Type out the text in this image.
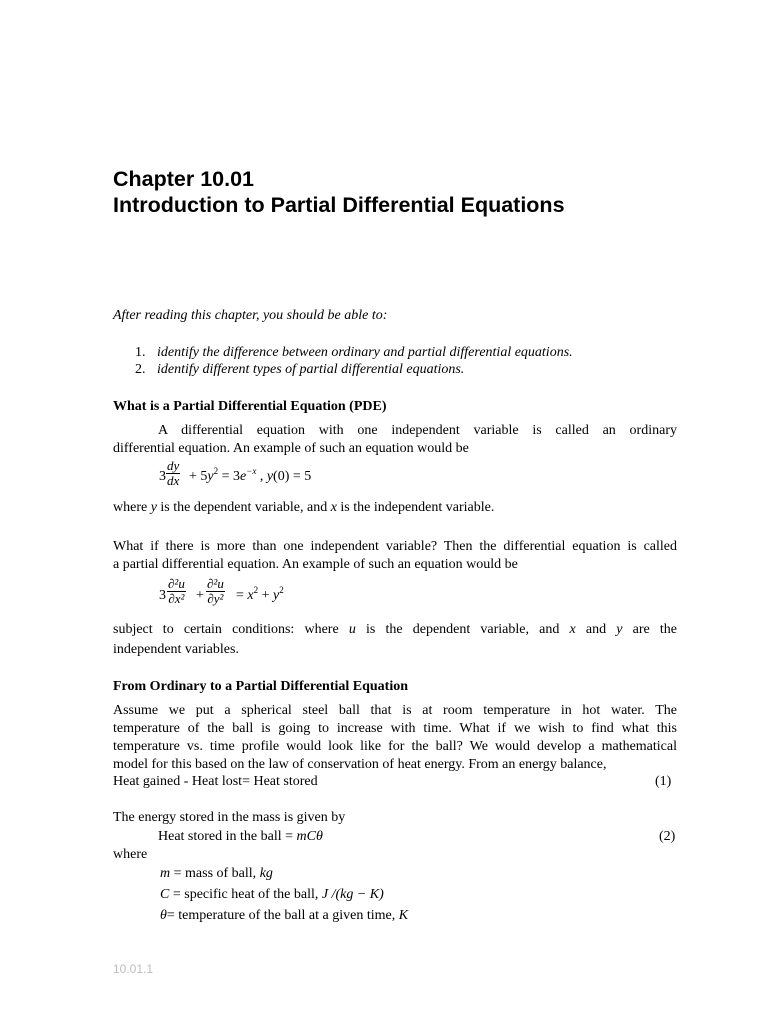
Chapter 10.01
Introduction to Partial Differential Equations
After reading this chapter, you should be able to:
1. identify the difference between ordinary and partial differential equations.
2. identify different types of partial differential equations.
What is a Partial Differential Equation (PDE)
A differential equation with one independent variable is called an ordinary
differential equation. An example of such an equation would be
$3 \frac{dy}{dx} + 5y^2 = 3e^{-x}$ , y(0) = 5
where y is the dependent variable, and x is the independent variable.
What if there is more than one independent variable? Then the differential equation is called
a partial differential equation. An example of such an equation would be
$3 \frac{\text{∂²u}}{\text{∂x²}} + \frac{\text{∂²u}}{\text{∂y²}} = x^2 + y^2$
subject to certain conditions: where u is the dependent variable, and x and y are the
independent variables.
From Ordinary to a Partial Differential Equation
Assume we put a spherical steel ball that is at room temperature in hot water. The
temperature of the ball is going to increase with time. What if we wish to find what this
temperature vs. time profile would look like for the ball? We would develop a mathematical
model for this based on the law of conservation of heat energy. From an energy balance,
Heat gained - Heat lost= Heat stored	(1)
The energy stored in the mass is given by
Heat stored in the ball = mCθ	(2)
where
m = mass of ball, kg
C = specific heat of the ball, J /(kg − K)
θ= temperature of the ball at a given time, K
10.01.1
